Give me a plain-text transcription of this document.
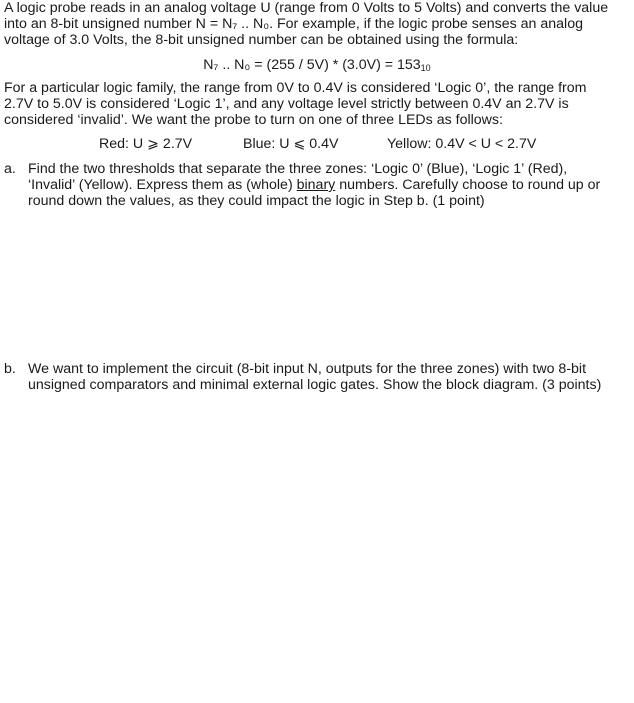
A logic probe reads in an analog voltage U (range from 0 Volts to 5 Volts) and converts the value
into an 8-bit unsigned number N = N₇ .. N₀. For example, if the logic probe senses an analog
voltage of 3.0 Volts, the 8-bit unsigned number can be obtained using the formula:
N₇ .. $N_0 = (255 / 5V) * (3.0V) = 153_{10}$
For a particular logic family, the range from 0V to 0.4V is considered ‘Logic 0’, the range from
2.7V to 5.0V is considered ‘Logic 1’, and any voltage level strictly between 0.4V an 2.7V is
considered ‘invalid’. We want the probe to turn on one of three LEDs as follows:
Red: U ⩾ 2.7V	Blue: U ⩽ 0.4V	Yellow: 0.4V < U < 2.7V
a. Find the two thresholds that separate the three zones: ‘Logic 0’ (Blue), ‘Logic 1’ (Red),
‘Invalid’ (Yellow). Express them as (whole) binary numbers. Carefully choose to round up or
round down the values, as they could impact the logic in Step b. (1 point)
b. We want to implement the circuit (8-bit input N, outputs for the three zones) with two 8-bit
unsigned comparators and minimal external logic gates. Show the block diagram. (3 points)
